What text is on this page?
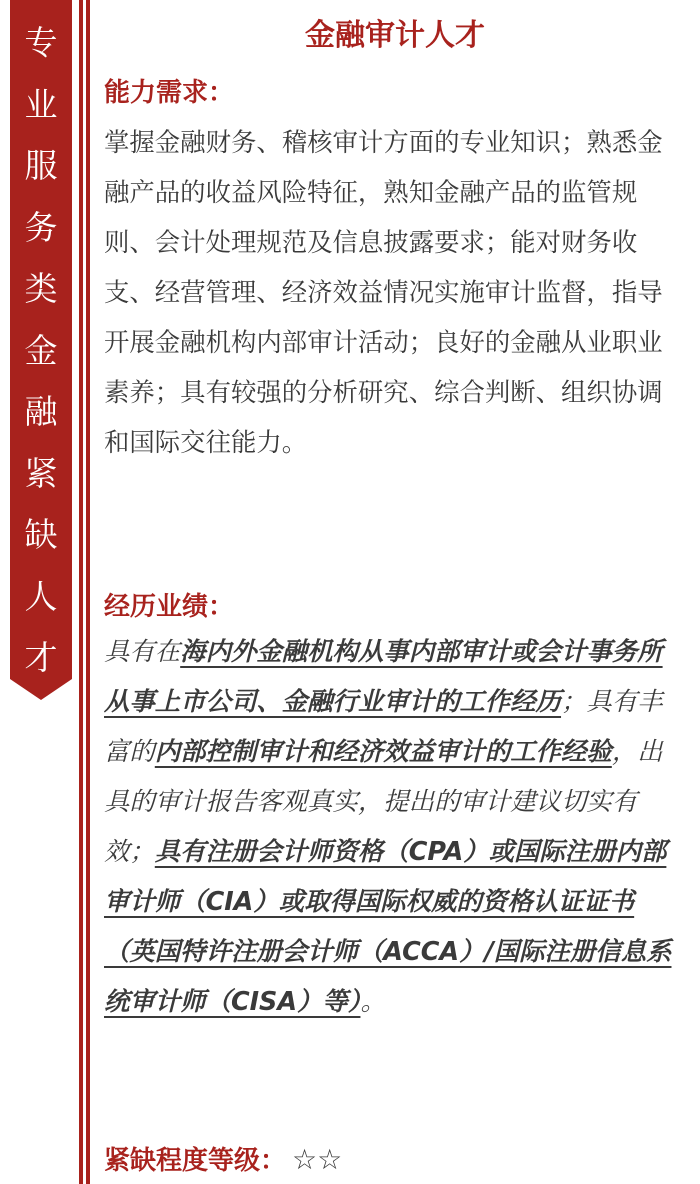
专
业
服
务
类
金
融
紧
缺
人
才
金融审计人才
能力需求：
掌握金融财务、稽核审计方面的专业知识；熟悉金融产品的收益风险特征，熟知金融产品的监管规则、会计处理规范及信息披露要求；能对财务收支、经营管理、经济效益情况实施审计监督，指导开展金融机构内部审计活动；良好的金融从业职业素养；具有较强的分析研究、综合判断、组织协调和国际交往能力。
经历业绩：
具有在海内外金融机构从事内部审计或会计事务所从事上市公司、金融行业审计的工作经历；具有丰富的内部控制审计和经济效益审计的工作经验，出具的审计报告客观真实，提出的审计建议切实有效；具有注册会计师资格（CPA）或国际注册内部审计师（CIA）或取得国际权威的资格认证证书（英国特许注册会计师（ACCA）/国际注册信息系统审计师（CISA）等）。
紧缺程度等级： ☆☆
